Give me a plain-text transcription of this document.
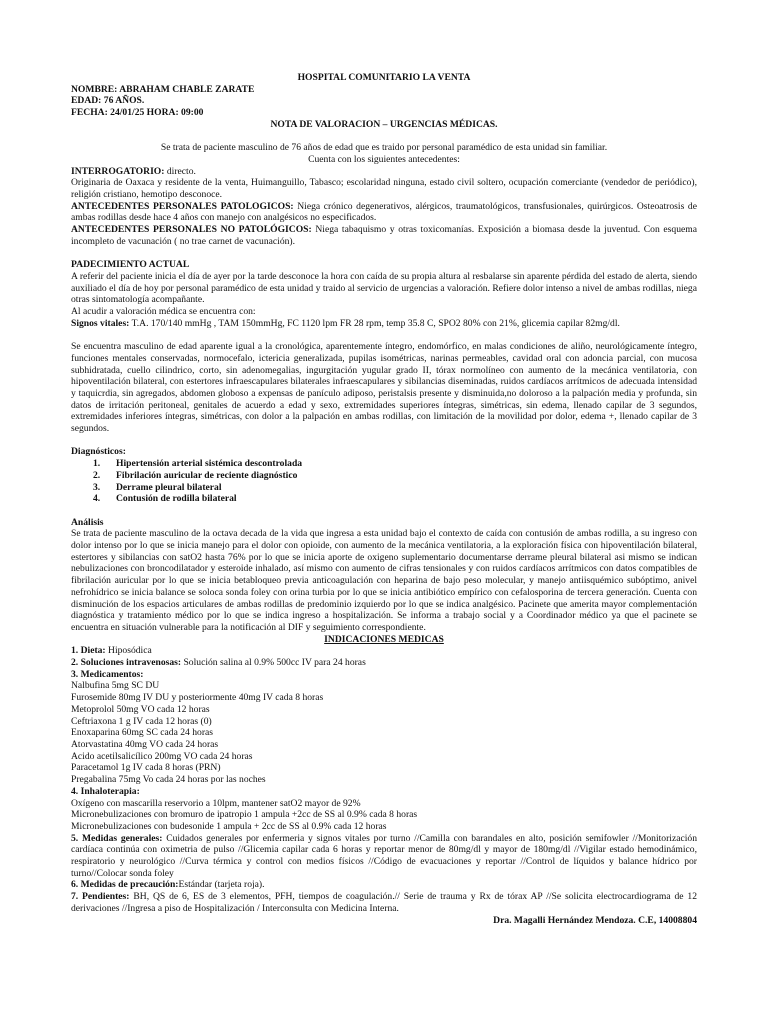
HOSPITAL COMUNITARIO LA VENTA

NOMBRE: ABRAHAM CHABLE ZARATE

EDAD: 76 AÑOS.

FECHA: 24/01/25 HORA: 09:00

NOTA DE VALORACION – URGENCIAS MÉDICAS.

Se trata de paciente masculino de 76 años de edad que es traido por personal paramédico de esta unidad sin familiar.

Cuenta con los siguientes antecedentes:

INTERROGATORIO: directo.

Originaria de Oaxaca y residente de la venta, Huimanguillo, Tabasco; escolaridad ninguna, estado civil soltero, ocupación comerciante (vendedor de periódico), religión cristiano, hemotipo desconoce.

ANTECEDENTES PERSONALES PATOLOGICOS: Niega crónico degenerativos, alérgicos, traumatológicos, transfusionales, quirúrgicos. Osteoatrosis de ambas rodillas desde hace 4 años con manejo con analgésicos no especificados.

ANTECEDENTES PERSONALES NO PATOLÓGICOS: Niega tabaquismo y otras toxicomanías. Exposición a biomasa desde la juventud. Con esquema incompleto de vacunación ( no trae carnet de vacunación).

PADECIMIENTO ACTUAL

A referir del paciente inicia el día de ayer por la tarde desconoce la hora con caída de su propia altura al resbalarse sin aparente pérdida del estado de alerta, siendo auxiliado el día de hoy por personal paramédico de esta unidad y traido al servicio de urgencias a valoración. Refiere dolor intenso a nivel de ambas rodillas, niega otras sintomatología acompañante.

Al acudir a valoración médica se encuentra con:

Signos vitales: T.A. 170/140 mmHg , TAM 150mmHg, FC 1120 lpm FR 28 rpm, temp 35.8 C, SPO2 80% con 21%, glicemia capilar 82mg/dl.

Se encuentra masculino de edad aparente igual a la cronológica, aparentemente íntegro, endomórfico, en malas condiciones de aliño, neurológicamente íntegro, funciones mentales conservadas, normocefalo, ictericia generalizada, pupilas isométricas, narinas permeables, cavidad oral con adoncia parcial, con mucosa subhidratada, cuello cilindrico, corto, sin adenomegalias, ingurgitación yugular grado II, tórax normolíneo con aumento de la mecánica ventilatoria, con hipoventilación bilateral, con estertores infraescapulares bilaterales infraescapulares y sibilancias diseminadas, ruidos cardíacos arrítmicos de adecuada intensidad y taquicrdia, sin agregados, abdomen globoso a expensas de panículo adiposo, peristalsis presente y disminuida,no doloroso a la palpación media y profunda, sin datos de irritación peritoneal, genitales de acuerdo a edad y sexo, extremidades superiores íntegras, simétricas, sin edema, llenado capilar de 3 segundos, extremidades inferiores íntegras, simétricas, con dolor a la palpación en ambas rodillas, con limitación de la movilidad por dolor, edema +, llenado capilar de 3 segundos.

Diagnósticos:

1. Hipertensión arterial sistémica descontrolada
2. Fibrilación auricular de reciente diagnóstico
3. Derrame pleural bilateral
4. Contusión de rodilla bilateral

Análisis

Se trata de paciente masculino de la octava decada de la vida que ingresa a esta unidad bajo el contexto de caída con contusión de ambas rodilla, a su ingreso con dolor intenso por lo que se inicia manejo para el dolor con opioide, con aumento de la mecánica ventilatoria, a la exploración física con hipoventilación bilateral, estertores y sibilancias con satO2 hasta 76% por lo que se inicia aporte de oxigeno suplementario documentarse derrame pleural bilateral asi mismo se indican nebulizaciones con broncodilatador y esteroide inhalado, así mismo con aumento de cifras tensionales y con ruidos cardíacos arrítmicos con datos compatibles de fibrilación auricular por lo que se inicia betabloqueo previa anticoagulación con heparina de bajo peso molecular, y manejo antiisquémico subóptimo, anivel nefrohídrico se inicia balance se soloca sonda foley con orina turbia por lo que se inicia antibiótico empírico con cefalosporina de tercera generación. Cuenta con disminución de los espacios articulares de ambas rodillas de predominio izquierdo por lo que se indica analgésico. Pacinete que amerita mayor complementación diagnóstica y tratamiento médico por lo que se indica ingreso a hospitalización. Se informa a trabajo social y a Coordinador médico ya que el pacinete se encuentra en situación vulnerable para la notificación al DIF y seguimiento correspondiente.

INDICACIONES MEDICAS

1. Dieta: Hiposódica

2. Soluciones intravenosas: Solución salina al 0.9% 500cc IV para 24 horas

3. Medicamentos:

Nalbufina 5mg SC DU

Furosemide 80mg IV DU y posteriormente 40mg IV cada 8 horas

Metoprolol 50mg VO cada 12 horas

Ceftriaxona 1 g IV cada 12 horas (0)

Enoxaparina 60mg SC cada 24 horas

Atorvastatina 40mg VO cada 24 horas

Acido acetilsalicílico 200mg VO cada 24 horas

Paracetamol 1g IV cada 8 horas (PRN)

Pregabalina 75mg Vo cada 24 horas por las noches

4. Inhaloterapia:

Oxígeno con mascarilla reservorio a 10lpm, mantener satO2 mayor de 92%

Micronebulizaciones con bromuro de ipatropio 1 ampula +2cc de SS al 0.9% cada 8 horas

Micronebulizaciones con budesonide 1 ampula + 2cc de SS al 0.9% cada 12 horas

5. Medidas generales: Cuidados generales por enfermeria y signos vitales por turno //Camilla con barandales en alto, posición semifowler //Monitorización cardíaca continúa con oximetria de pulso //Glicemia capilar cada 6 horas y reportar menor de 80mg/dl y mayor de 180mg/dl //Vigilar estado hemodinámico, respiratorio y neurológico //Curva térmica y control con medios físicos //Código de evacuaciones y reportar //Control de líquidos y balance hídrico por turno//Colocar sonda foley

6. Medidas de precaución:Estándar (tarjeta roja).

7. Pendientes: BH, QS de 6, ES de 3 elementos, PFH, tiempos de coagulación.// Serie de trauma y Rx de tórax AP //Se solicita electrocardiograma de 12 derivaciones //Ingresa a piso de Hospitalización / Interconsulta con Medicina Interna.

Dra. Magalli Hernández Mendoza. C.E, 14008804
